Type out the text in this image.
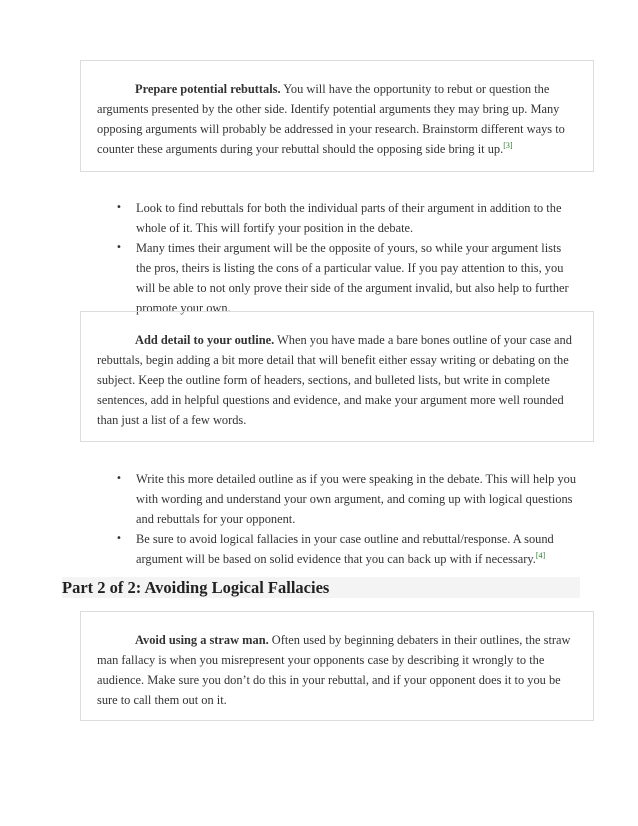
Prepare potential rebuttals. You will have the opportunity to rebut or question the arguments presented by the other side. Identify potential arguments they may bring up. Many opposing arguments will probably be addressed in your research. Brainstorm different ways to counter these arguments during your rebuttal should the opposing side bring it up.[3]

• Look to find rebuttals for both the individual parts of their argument in addition to the whole of it. This will fortify your position in the debate.
• Many times their argument will be the opposite of yours, so while your argument lists the pros, theirs is listing the cons of a particular value. If you pay attention to this, you will be able to not only prove their side of the argument invalid, but also help to further promote your own.

Add detail to your outline. When you have made a bare bones outline of your case and rebuttals, begin adding a bit more detail that will benefit either essay writing or debating on the subject. Keep the outline form of headers, sections, and bulleted lists, but write in complete sentences, add in helpful questions and evidence, and make your argument more well rounded than just a list of a few words.

• Write this more detailed outline as if you were speaking in the debate. This will help you with wording and understand your own argument, and coming up with logical questions and rebuttals for your opponent.
• Be sure to avoid logical fallacies in your case outline and rebuttal/response. A sound argument will be based on solid evidence that you can back up with if necessary.[4]
Part 2 of 2: Avoiding Logical Fallacies

Avoid using a straw man. Often used by beginning debaters in their outlines, the straw man fallacy is when you misrepresent your opponents case by describing it wrongly to the audience. Make sure you don’t do this in your rebuttal, and if your opponent does it to you be sure to call them out on it.
